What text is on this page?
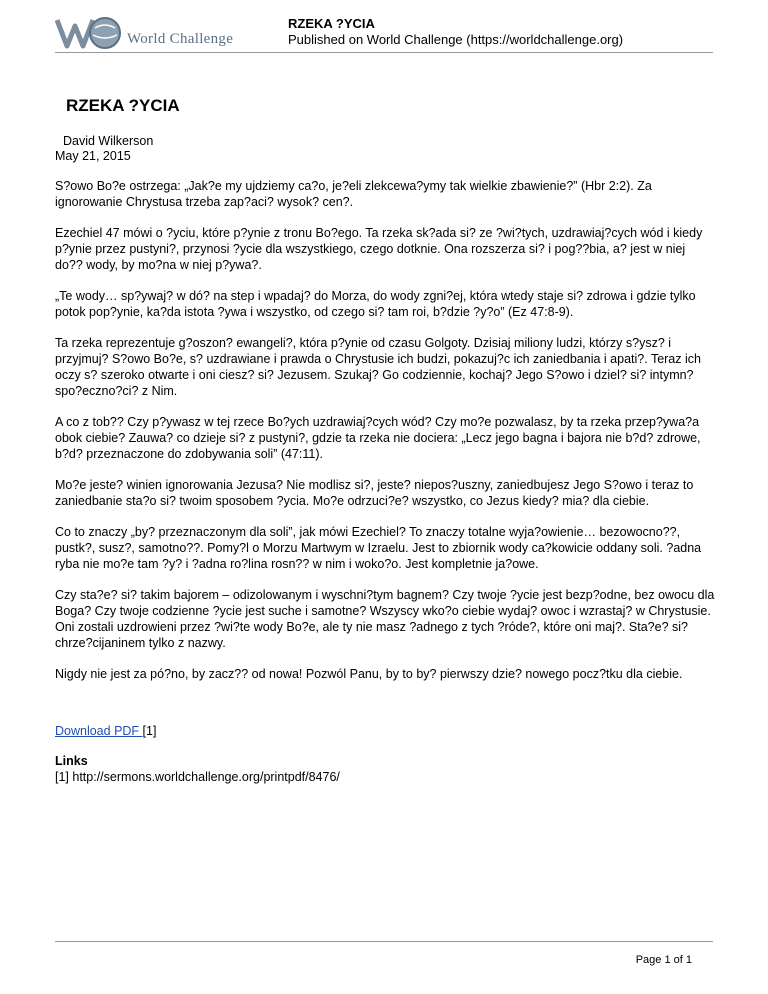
World Challenge
RZEKA ?YCIA
Published on World Challenge (https://worldchallenge.org)
RZEKA ?YCIA
David Wilkerson
May 21, 2015

S?owo Bo?e ostrzega: „Jak?e my ujdziemy ca?o, je?eli zlekcewa?ymy tak wielkie zbawienie?” (Hbr 2:2). Za ignorowanie Chrystusa trzeba zap?aci? wysok? cen?.

Ezechiel 47 mówi o ?yciu, które p?ynie z tronu Bo?ego. Ta rzeka sk?ada si? ze ?wi?tych, uzdrawiaj?cych wód i kiedy p?ynie przez pustyni?, przynosi ?ycie dla wszystkiego, czego dotknie. Ona rozszerza si? i pog??bia, a? jest w niej do?? wody, by mo?na w niej p?ywa?.

„Te wody… sp?ywaj? w dó? na step i wpadaj? do Morza, do wody zgni?ej, która wtedy staje si? zdrowa i gdzie tylko potok pop?ynie, ka?da istota ?ywa i wszystko, od czego si? tam roi, b?dzie ?y?o” (Ez 47:8-9).

Ta rzeka reprezentuje g?oszon? ewangeli?, która p?ynie od czasu Golgoty. Dzisiaj miliony ludzi, którzy s?ysz? i przyjmuj? S?owo Bo?e, s? uzdrawiane i prawda o Chrystusie ich budzi, pokazuj?c ich zaniedbania i apati?. Teraz ich oczy s? szeroko otwarte i oni ciesz? si? Jezusem. Szukaj? Go codziennie, kochaj? Jego S?owo i dziel? si? intymn? spo?eczno?ci? z Nim.

A co z tob?? Czy p?ywasz w tej rzece Bo?ych uzdrawiaj?cych wód? Czy mo?e pozwalasz, by ta rzeka przep?ywa?a obok ciebie? Zauwa? co dzieje si? z pustyni?, gdzie ta rzeka nie dociera: „Lecz jego bagna i bajora nie b?d? zdrowe, b?d? przeznaczone do zdobywania soli” (47:11).

Mo?e jeste? winien ignorowania Jezusa? Nie modlisz si?, jeste? niepos?uszny, zaniedbujesz Jego S?owo i teraz to zaniedbanie sta?o si? twoim sposobem ?ycia. Mo?e odrzuci?e? wszystko, co Jezus kiedy? mia? dla ciebie.

Co to znaczy „by? przeznaczonym dla soli”, jak mówi Ezechiel? To znaczy totalne wyja?owienie… bezowocno??, pustk?, susz?, samotno??. Pomy?l o Morzu Martwym w Izraelu. Jest to zbiornik wody ca?kowicie oddany soli. ?adna ryba nie mo?e tam ?y? i ?adna ro?lina rosn?? w nim i woko?o. Jest kompletnie ja?owe.

Czy sta?e? si? takim bajorem – odizolowanym i wyschni?tym bagnem? Czy twoje ?ycie jest bezp?odne, bez owocu dla Boga? Czy twoje codzienne ?ycie jest suche i samotne? Wszyscy wko?o ciebie wydaj? owoc i wzrastaj? w Chrystusie. Oni zostali uzdrowieni przez ?wi?te wody Bo?e, ale ty nie masz ?adnego z tych ?róde?, które oni maj?. Sta?e? si? chrze?cijaninem tylko z nazwy.

Nigdy nie jest za pó?no, by zacz?? od nowa! Pozwól Panu, by to by? pierwszy dzie? nowego pocz?tku dla ciebie.

Download PDF [1]
Links
[1] http://sermons.worldchallenge.org/printpdf/8476/
Page 1 of 1
